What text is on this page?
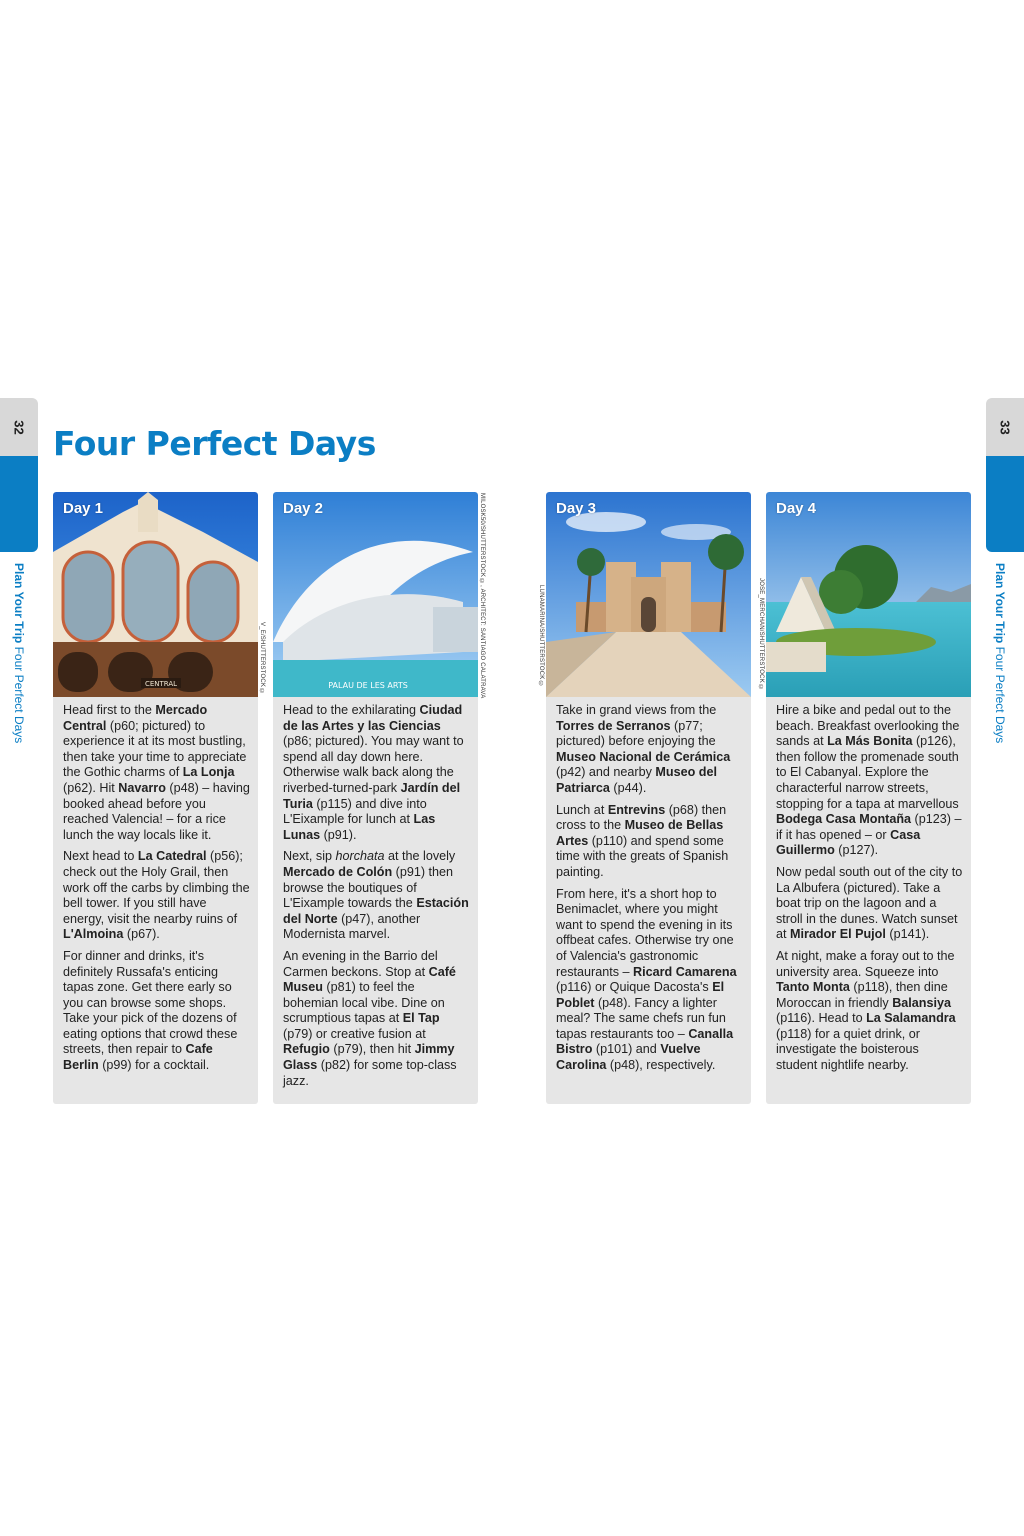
32
Plan Your Trip Four Perfect Days
33
Plan Your Trip Four Perfect Days
Four Perfect Days
CENTRAL
Day 1

Head first to the Mercado Central (p60; pictured) to experience it at its most bustling, then take your time to appreciate the Gothic charms of La Lonja (p62). Hit Navarro (p48) – having booked ahead before you reached Valencia! – for a rice lunch the way locals like it.

Next head to La Catedral (p56); check out the Holy Grail, then work off the carbs by climbing the bell tower. If you still have energy, visit the nearby ruins of L'Almoina (p67).

For dinner and drinks, it's definitely Russafa's enticing tapas zone. Get there early so you can browse some shops. Take your pick of the dozens of eating options that crowd these streets, then repair to Cafe Berlin (p99) for a cocktail.

V_E/SHUTTERSTOCK ©	PALAU DE LES ARTS
Day 2

Head to the exhilarating Ciudad de las Artes y las Ciencias (p86; pictured). You may want to spend all day down here. Otherwise walk back along the riverbed-turned-park Jardín del Turia (p115) and dive into L'Eixample for lunch at Las Lunas (p91).

Next, sip horchata at the lovely Mercado de Colón (p91) then browse the boutiques of L'Eixample towards the Estación del Norte (p47), another Modernista marvel.

An evening in the Barrio del Carmen beckons. Stop at Café Museu (p81) to feel the bohemian local vibe. Dine on scrumptious tapas at El Tap (p79) or creative fusion at Refugio (p79), then hit Jimmy Glass (p82) for some top-class jazz.

MILOSK50/SHUTTERSTOCK ©, ARCHITECT: SANTIAGO CALATRAVA	Day 3

Take in grand views from the Torres de Serranos (p77; pictured) before enjoying the Museo Nacional de Cerámica (p42) and nearby Museo del Patriarca (p44).

Lunch at Entrevins (p68) then cross to the Museo de Bellas Artes (p110) and spend some time with the greats of Spanish painting.

From here, it's a short hop to Benimaclet, where you might want to spend the evening in its offbeat cafes. Otherwise try one of Valencia's gastronomic restaurants – Ricard Camarena (p116) or Quique Dacosta's El Poblet (p48). Fancy a lighter meal? The same chefs run fun tapas restaurants too – Canalla Bistro (p101) and Vuelve Carolina (p48), respectively.

LUNAMARINA/SHUTTERSTOCK ©
Day 4

Hire a bike and pedal out to the beach. Breakfast overlooking the sands at La Más Bonita (p126), then follow the promenade south to El Cabanyal. Explore the characterful narrow streets, stopping for a tapa at marvellous Bodega Casa Montaña (p123) – if it has opened – or Casa Guillermo (p127).

Now pedal south out of the city to La Albufera (pictured). Take a boat trip on the lagoon and a stroll in the dunes. Watch sunset at Mirador El Pujol (p141).

At night, make a foray out to the university area. Squeeze into Tanto Monta (p118), then dine Moroccan in friendly Balansiya (p116). Head to La Salamandra (p118) for a quiet drink, or investigate the boisterous student nightlife nearby.

JOSE_MERCHAN/SHUTTERSTOCK ©
